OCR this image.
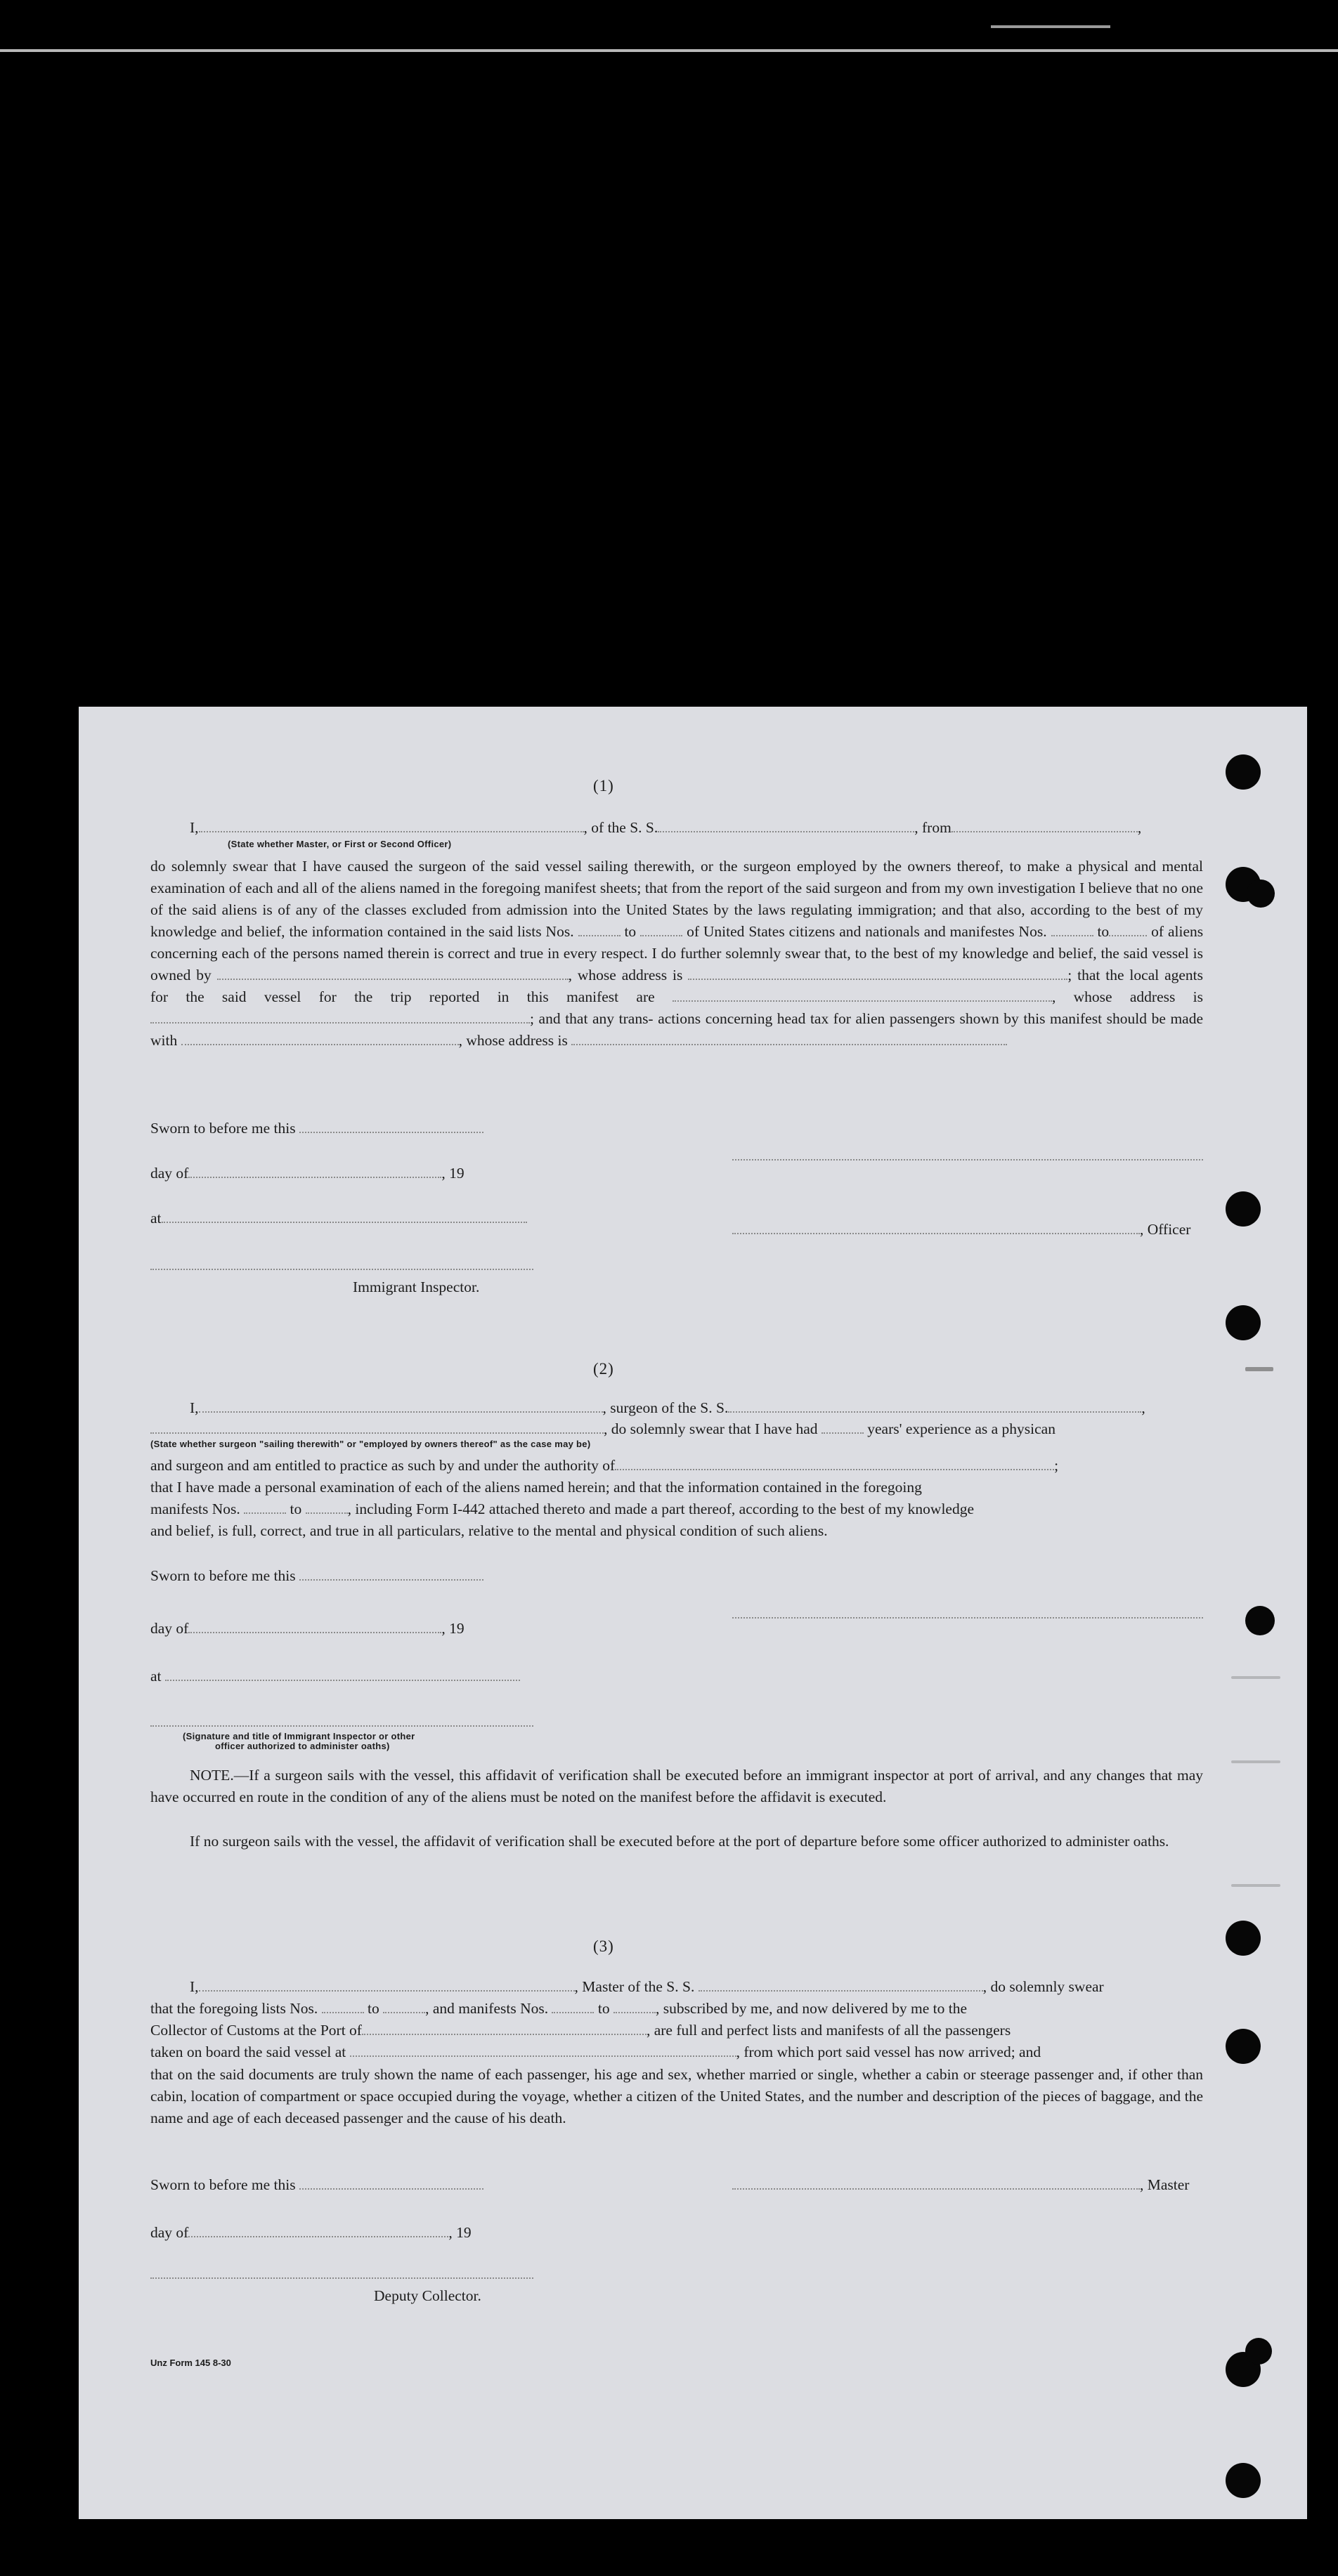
(1)
I,	, of the S. S.	, from	,
(State whether Master, or First or Second Officer)
do solemnly swear that I have caused the surgeon of the said vessel sailing therewith, or the surgeon employed by the owners thereof, to make a physical and mental examination of each and all of the aliens named in the foregoing manifest sheets; that from the report of the said surgeon and from my own investigation I believe that no one of the said aliens is of any of the classes excluded from admission into the United States by the laws regulating immigration; and that also, according to the best of my knowledge and belief, the information contained in the said lists Nos.	to	of United States citizens and nationals and manifestes Nos.	to	of aliens concerning each of the persons named therein is correct and true in every respect. I do further solemnly swear that, to the best of my knowledge and belief, the said vessel is owned by	, whose address is	; that the local agents for the said vessel for the trip reported in this manifest are	, whose address is ; and that any trans- actions concerning head tax for alien passengers shown by this manifest should be made with	, whose address is
Sworn to before me this
day of	, 19
at
, Officer
Immigrant Inspector.
(2)
I,	, surgeon of the S. S.	,
, do solemnly swear that I have had	years' experience as a physican
(State whether surgeon "sailing therewith" or "employed by owners thereof" as the case may be)
and surgeon and am entitled to practice as such by and under the authority of	;
that I have made a personal examination of each of the aliens named herein; and that the information contained in the foregoing
manifests Nos.	to	, including Form I-442 attached thereto and made a part thereof, according to the best of my knowledge
and belief, is full, correct, and true in all particulars, relative to the mental and physical condition of such aliens.
Sworn to before me this
day of	, 19
at
(Signature and title of Immigrant Inspector or other
officer authorized to administer oaths)
NOTE.—If a surgeon sails with the vessel, this affidavit of verification shall be executed before an immigrant inspector at port of arrival, and any changes that may have occurred en route in the condition of any of the aliens must be noted on the manifest before the affidavit is executed.
If no surgeon sails with the vessel, the affidavit of verification shall be executed before at the port of departure before some officer authorized to administer oaths.
(3)
I,	, Master of the S. S.	, do solemnly swear
that the foregoing lists Nos.	to	, and manifests Nos.	to	, subscribed by me, and now delivered by me to the
Collector of Customs at the Port of	, are full and perfect lists and manifests of all the passengers
taken on board the said vessel at	, from which port said vessel has now arrived; and
that on the said documents are truly shown the name of each passenger, his age and sex, whether married or single, whether a cabin or steerage passenger and, if other than cabin, location of compartment or space occupied during the voyage, whether a citizen of the United States, and the number and description of the pieces of baggage, and the name and age of each deceased passenger and the cause of his death.
Sworn to before me this	, Master
day of	, 19
Deputy Collector.
Unz Form 145 8-30
